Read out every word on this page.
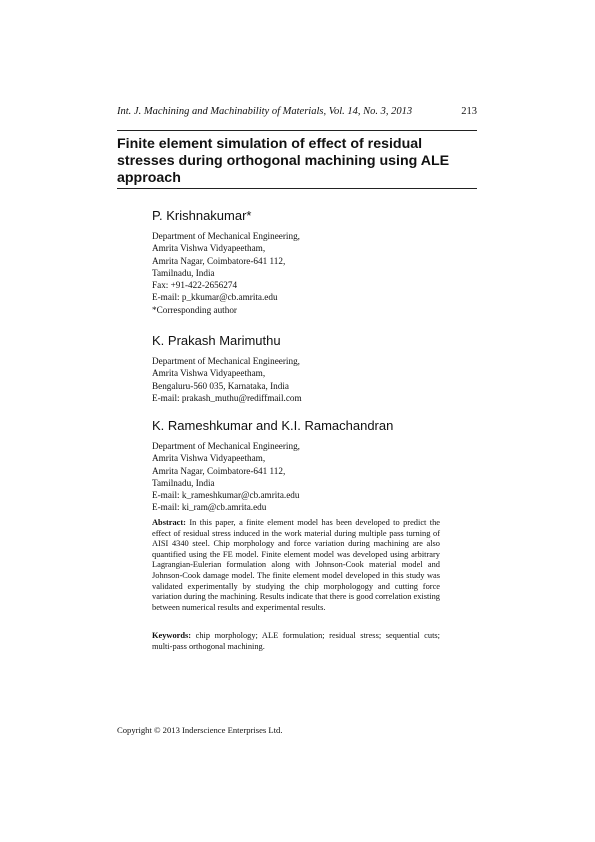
Int. J. Machining and Machinability of Materials, Vol. 14, No. 3, 2013	213
Finite element simulation of effect of residual stresses during orthogonal machining using ALE approach

P. Krishnakumar*

Department of Mechanical Engineering,

Amrita Vishwa Vidyapeetham,

Amrita Nagar, Coimbatore-641 112,

Tamilnadu, India

Fax: +91-422-2656274

E-mail: p_kkumar@cb.amrita.edu

*Corresponding author

K. Prakash Marimuthu

Department of Mechanical Engineering,

Amrita Vishwa Vidyapeetham,

Bengaluru-560 035, Karnataka, India

E-mail: prakash_muthu@rediffmail.com

K. Rameshkumar and K.I. Ramachandran

Department of Mechanical Engineering,

Amrita Vishwa Vidyapeetham,

Amrita Nagar, Coimbatore-641 112,

Tamilnadu, India

E-mail: k_rameshkumar@cb.amrita.edu

E-mail: ki_ram@cb.amrita.edu

Abstract: In this paper, a finite element model has been developed to predict the effect of residual stress induced in the work material during multiple pass turning of AISI 4340 steel. Chip morphology and force variation during machining are also quantified using the FE model. Finite element model was developed using arbitrary Lagrangian-Eulerian formulation along with Johnson-Cook material model and Johnson-Cook damage model. The finite element model developed in this study was validated experimentally by studying the chip morphologogy and cutting force variation during the machining. Results indicate that there is good correlation existing between numerical results and experimental results.

Keywords: chip morphology; ALE formulation; residual stress; sequential cuts; multi-pass orthogonal machining.

Copyright © 2013 Inderscience Enterprises Ltd.
